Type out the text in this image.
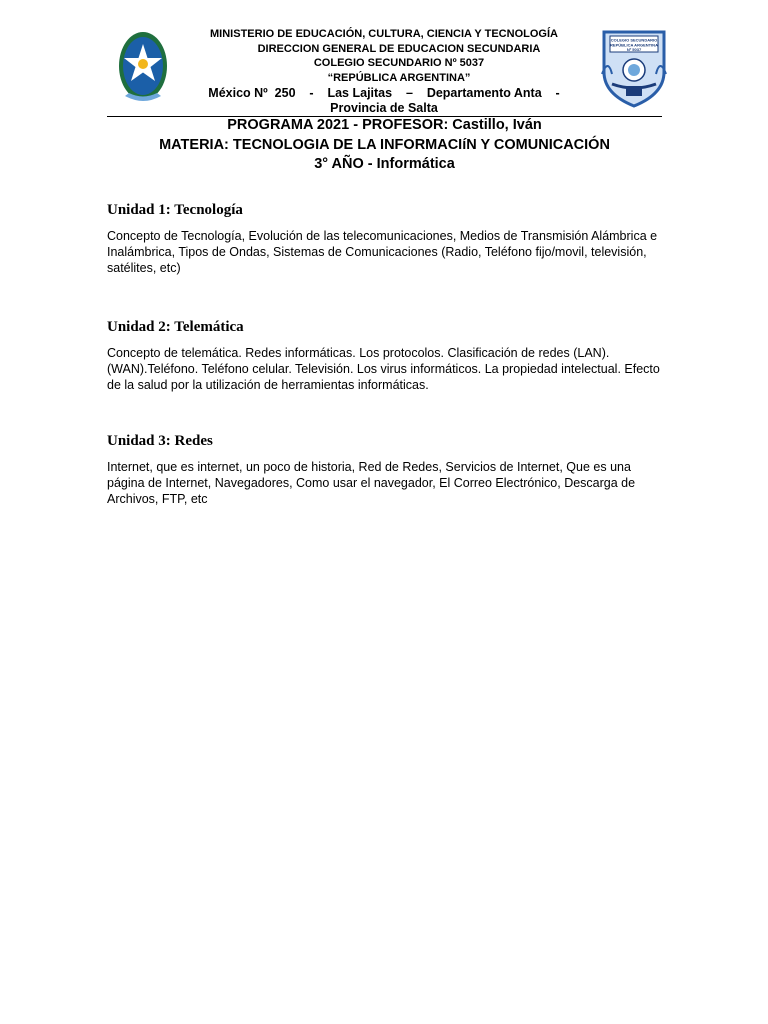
MINISTERIO DE EDUCACIÓN, CULTURA, CIENCIA Y TECNOLOGÍA
DIRECCION GENERAL DE EDUCACION SECUNDARIA
COLEGIO SECUNDARIO Nº 5037
“REPÚBLICA ARGENTINA”
México Nº  250    -    Las Lajitas    –    Departamento Anta    -
Provincia de Salta
COLEGIO SECUNDARIO
REPÚBLICA ARGENTINA
Nº 5037
PROGRAMA 2021 - PROFESOR: Castillo, Iván
MATERIA: TECNOLOGIA DE LA INFORMACIíN Y COMUNICACIÓN
3° AÑO - Informática
Unidad 1: Tecnología
Concepto de Tecnología, Evolución de las telecomunicaciones, Medios de Transmisión Alámbrica e Inalámbrica, Tipos de Ondas, Sistemas de Comunicaciones (Radio, Teléfono fijo/movil, televisión, satélites, etc)
Unidad 2: Telemática
Concepto de telemática. Redes informáticas. Los protocolos. Clasificación de redes (LAN). (WAN).Teléfono. Teléfono celular. Televisión. Los virus informáticos. La propiedad intelectual. Efecto de la salud por la utilización de herramientas informáticas.
Unidad 3: Redes
Internet, que es internet, un poco de historia, Red de Redes, Servicios de Internet, Que es una página de Internet, Navegadores, Como usar el navegador, El Correo Electrónico, Descarga de Archivos, FTP, etc
